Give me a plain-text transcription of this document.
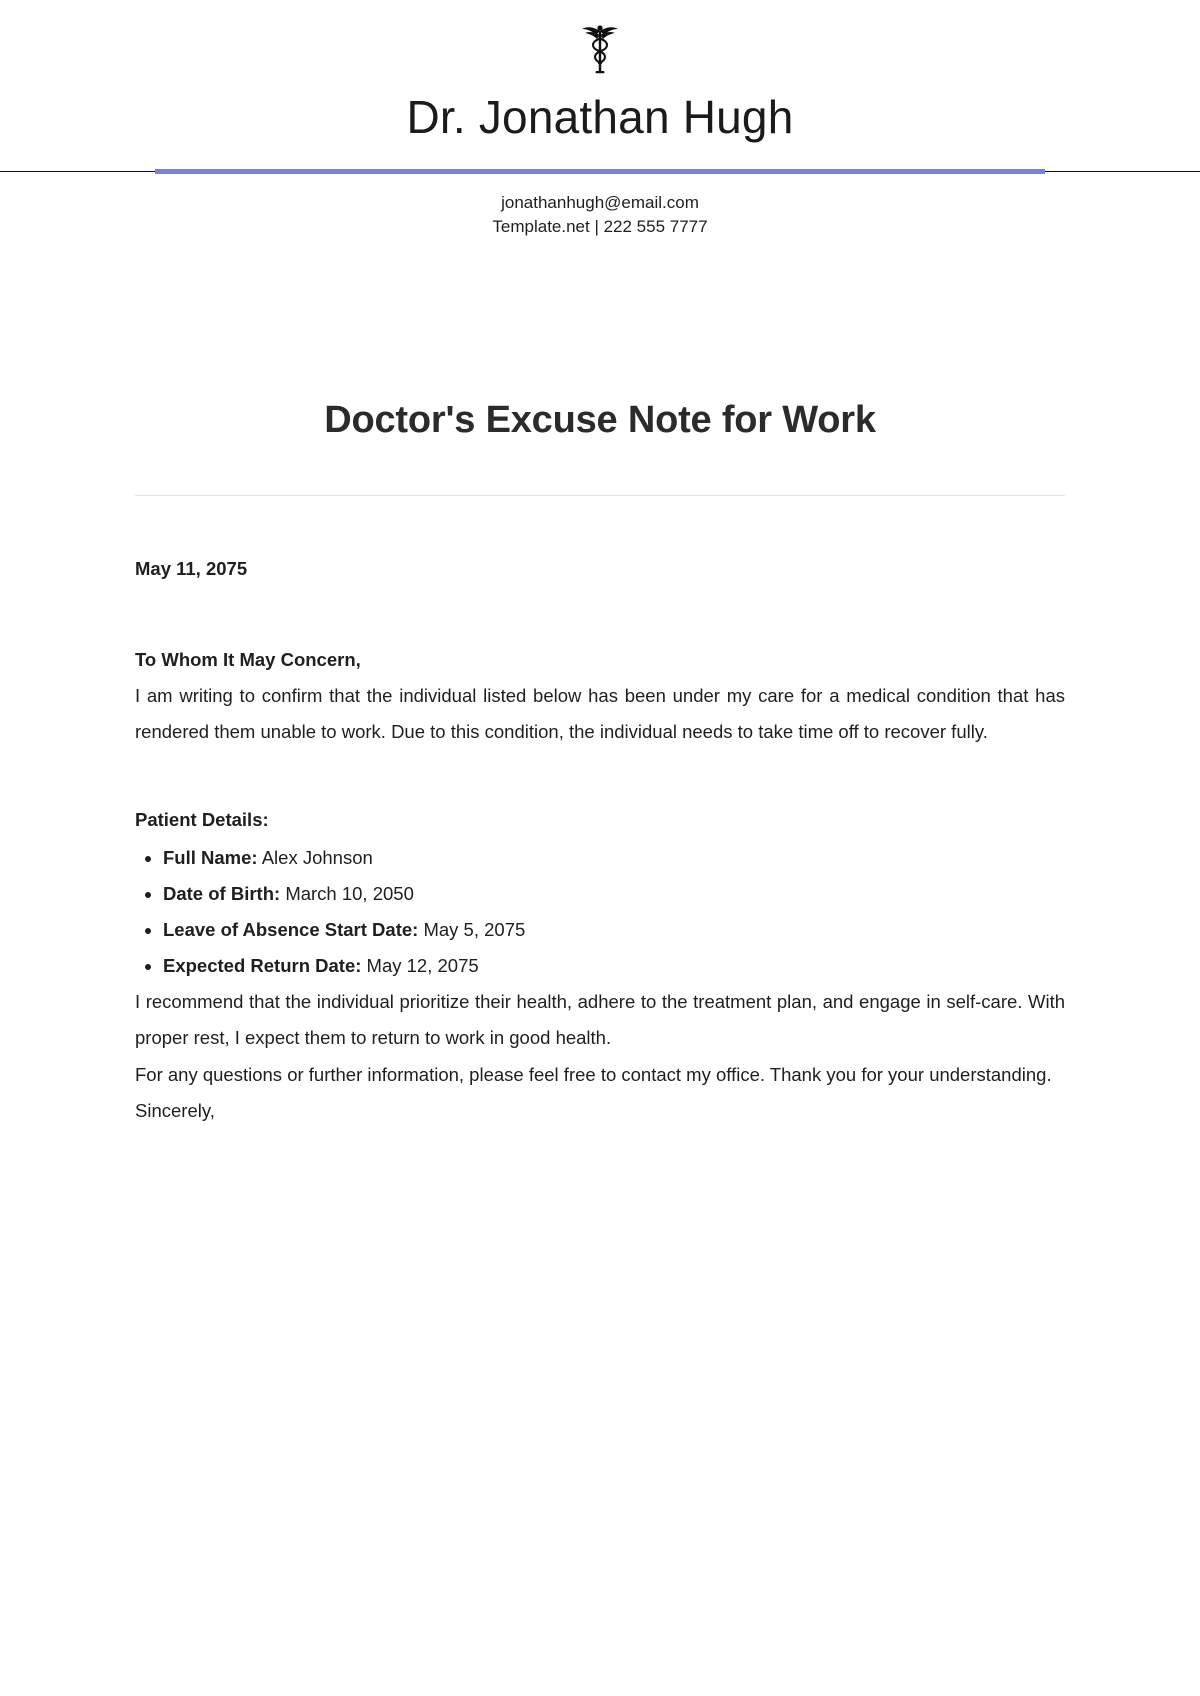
Dr. Jonathan Hugh
jonathanhugh@email.com
Template.net | 222 555 7777
Doctor's Excuse Note for Work
May 11, 2075
To Whom It May Concern,

I am writing to confirm that the individual listed below has been under my care for a medical condition that has rendered them unable to work. Due to this condition, the individual needs to take time off to recover fully.

Patient Details:
• Full Name: Alex Johnson
• Date of Birth: March 10, 2050
• Leave of Absence Start Date: May 5, 2075
• Expected Return Date: May 12, 2075

I recommend that the individual prioritize their health, adhere to the treatment plan, and engage in self-care. With proper rest, I expect them to return to work in good health.

For any questions or further information, please feel free to contact my office. Thank you for your understanding.

Sincerely,
